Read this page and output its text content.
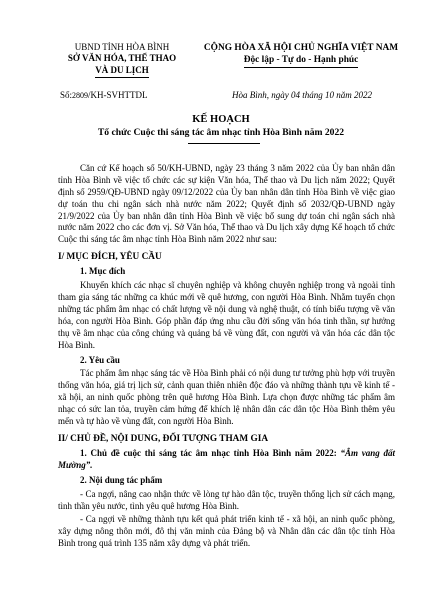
UBND TỈNH HÒA BÌNH
SỞ VĂN HÓA, THỂ THAO
VÀ DU LỊCH
CỘNG HÒA XÃ HỘI CHỦ NGHĨA VIỆT NAM
Độc lập - Tự do - Hạnh phúc
Số:2809/KH-SVHTTDL	Hòa Bình, ngày 04 tháng 10 năm 2022
KẾ HOẠCH
Tổ chức Cuộc thi sáng tác âm nhạc tỉnh Hòa Bình năm 2022

Căn cứ Kế hoạch số 50/KH-UBND, ngày 23 tháng 3 năm 2022 của Ủy ban nhân dân tỉnh Hòa Bình về việc tổ chức các sự kiện Văn hóa, Thể thao và Du lịch năm 2022; Quyết định số 2959/QĐ-UBND ngày 09/12/2022 của Ủy ban nhân dân tỉnh Hòa Bình về việc giao dự toán thu chi ngân sách nhà nước năm 2022; Quyết định số 2032/QĐ-UBND ngày 21/9/2022 của Ủy ban nhân dân tỉnh Hòa Bình về việc bổ sung dự toán chi ngân sách nhà nước năm 2022 cho các đơn vị. Sở Văn hóa, Thể thao và Du lịch xây dựng Kế hoạch tổ chức Cuộc thi sáng tác âm nhạc tỉnh Hòa Bình năm 2022 như sau:

I/ MỤC ĐÍCH, YÊU CẦU
1. Mục đích

Khuyến khích các nhạc sĩ chuyên nghiệp và không chuyên nghiệp trong và ngoài tỉnh tham gia sáng tác những ca khúc mới về quê hương, con người Hòa Bình. Nhằm tuyển chọn những tác phẩm âm nhạc có chất lượng về nội dung và nghệ thuật, có tính biểu tượng về văn hóa, con người Hòa Bình. Góp phần đáp ứng nhu cầu đời sống văn hóa tinh thần, sự hưởng thụ về âm nhạc của công chúng và quảng bá về vùng đất, con người và văn hóa các dân tộc Hòa Bình.

2. Yêu cầu

Tác phẩm âm nhạc sáng tác về Hòa Bình phải có nội dung tư tưởng phù hợp với truyền thống văn hóa, giá trị lịch sử, cảnh quan thiên nhiên độc đáo và những thành tựu về kinh tế - xã hội, an ninh quốc phòng trên quê hương Hòa Bình. Lựa chọn được những tác phẩm âm nhạc có sức lan tỏa, truyền cảm hứng để khích lệ nhân dân các dân tộc Hòa Bình thêm yêu mến và tự hào về vùng đất, con người Hòa Bình.

II/ CHỦ ĐỀ, NỘI DUNG, ĐỐI TƯỢNG THAM GIA
1. Chủ đề cuộc thi sáng tác âm nhạc tỉnh Hòa Bình năm 2022: “Âm vang đất Mường”.
2. Nội dung tác phẩm

- Ca ngợi, nâng cao nhận thức về lòng tự hào dân tộc, truyền thống lịch sử cách mạng, tình thần yêu nước, tình yêu quê hương Hòa Bình.

- Ca ngợi về những thành tựu kết quả phát triển kinh tế - xã hội, an ninh quốc phòng, xây dựng nông thôn mới, đô thị văn minh của Đảng bộ và Nhân dân các dân tộc tỉnh Hòa Bình trong quá trình 135 năm xây dựng và phát triển.
